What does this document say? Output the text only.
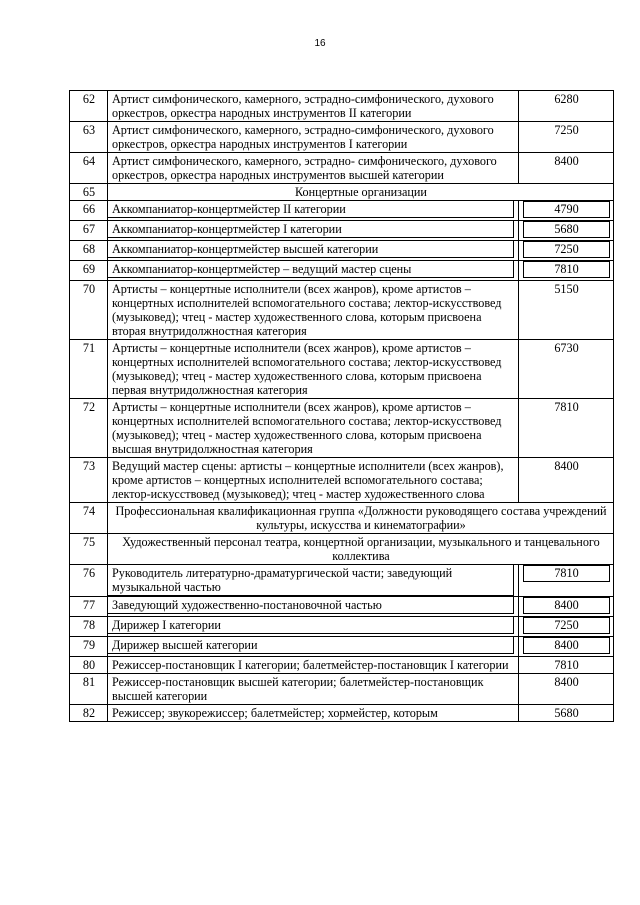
16
62	Артист симфонического, камерного, эстрадно-симфонического, духового оркестров, оркестра народных инструментов II категории	6280
63	Артист симфонического, камерного, эстрадно-симфонического, духового оркестров, оркестра народных инструментов I категории	7250
64	Артист симфонического, камерного, эстрадно- симфонического, духового оркестров, оркестра народных инструментов высшей категории	8400
65	Концертные организации	
66	Аккомпаниатор-концертмейстер II категории	4790

67	Аккомпаниатор-концертмейстер I категории	5680

68	Аккомпаниатор-концертмейстер высшей категории	7250

69	Аккомпаниатор-концертмейстер – ведущий мастер сцены	7810

70	Артисты – концертные исполнители (всех жанров), кроме артистов – концертных исполнителей вспомогательного состава; лектор-искусствовед (музыковед); чтец - мастер художественного слова, которым присвоена вторая внутридолжностная категория	5150
71	Артисты – концертные исполнители (всех жанров), кроме артистов – концертных исполнителей вспомогательного состава; лектор-искусствовед (музыковед); чтец - мастер художественного слова, которым присвоена первая внутридолжностная категория	6730
72	Артисты – концертные исполнители (всех жанров), кроме артистов – концертных исполнителей вспомогательного состава; лектор-искусствовед (музыковед); чтец - мастер художественного слова, которым присвоена высшая внутридолжностная категория	7810
73	Ведущий мастер сцены: артисты – концертные исполнители (всех жанров), кроме артистов – концертных исполнителей вспомогательного состава; лектор-искусствовед (музыковед); чтец - мастер художественного слова	8400
74	Профессиональная квалификационная группа «Должности руководящего состава учреждений культуры, искусства и кинематографии»	
75	Художественный персонал театра, концертной организации, музыкального и танцевального коллектива	
76	Руководитель литературно-драматургической части; заведующий музыкальной частью	7810

77	Заведующий художественно-постановочной частью	8400

78	Дирижер I категории	7250

79	Дирижер высшей категории	8400

80	Режиссер-постановщик I категории; балетмейстер-постановщик I категории	7810
81	Режиссер-постановщик высшей категории; балетмейстер-постановщик высшей категории	8400
82	Режиссер; звукорежиссер; балетмейстер; хормейстер, которым	5680
